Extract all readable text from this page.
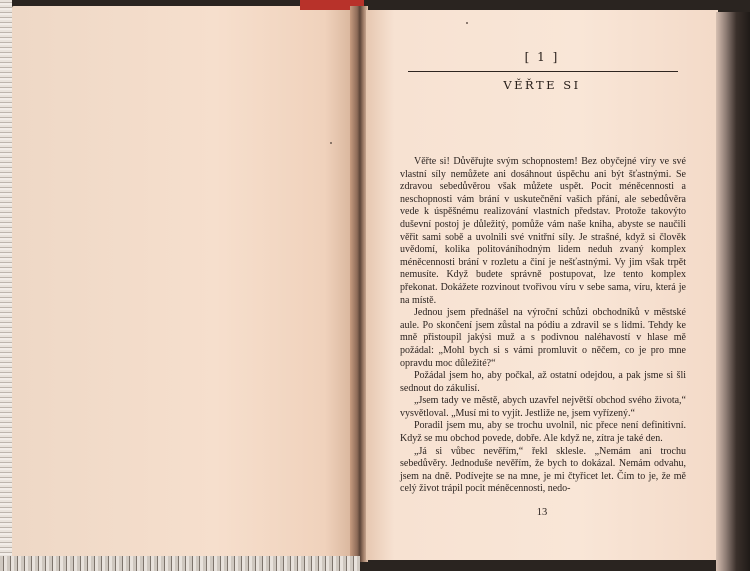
[ 1 ]
VĚŘTE SI

Věřte si! Důvěřujte svým schopnostem! Bez obyčejné víry ve své vlastní síly nemůžete ani dosáhnout úspěchu ani být šťastnými. Se zdravou sebedůvěrou však můžete uspět. Pocit méněcennosti a neschopnosti vám brání v uskutečnění vašich přání, ale sebedůvěra vede k úspěšnému realizování vlastních představ. Protože takovýto duševní postoj je důležitý, pomůže vám naše kniha, abyste se naučili věřit sami sobě a uvolnili své vnitřní síly. Je strašné, když si člověk uvědomí, kolika politováníhodným lidem neduh zvaný komplex méněcennosti brání v rozletu a činí je nešťastnými. Vy jim však trpět nemusíte. Když budete správně postupovat, lze tento komplex překonat. Dokážete rozvinout tvořivou víru v sebe sama, víru, která je na místě.

Jednou jsem přednášel na výroční schůzi obchodníků v městské aule. Po skončení jsem zůstal na pódiu a zdravil se s lidmi. Tehdy ke mně přistoupil jakýsi muž a s podivnou naléhavostí v hlase mě požádal: „Mohl bych si s vámi promluvit o něčem, co je pro mne opravdu moc důležité?“

Požádal jsem ho, aby počkal, až ostatní odejdou, a pak jsme si šli sednout do zákulisí.

„Jsem tady ve městě, abych uzavřel největší obchod svého života,“ vysvětloval. „Musí mi to vyjít. Jestliže ne, jsem vyřízený.“

Poradil jsem mu, aby se trochu uvolnil, nic přece není definitivní. Když se mu obchod povede, dobře. Ale když ne, zítra je také den.

„Já si vůbec nevěřím,“ řekl sklesle. „Nemám ani trochu sebedůvěry. Jednoduše nevěřím, že bych to dokázal. Nemám odvahu, jsem na dně. Podívejte se na mne, je mi čtyřicet let. Čím to je, že mě celý život trápil pocit méněcennosti, nedo-

13
